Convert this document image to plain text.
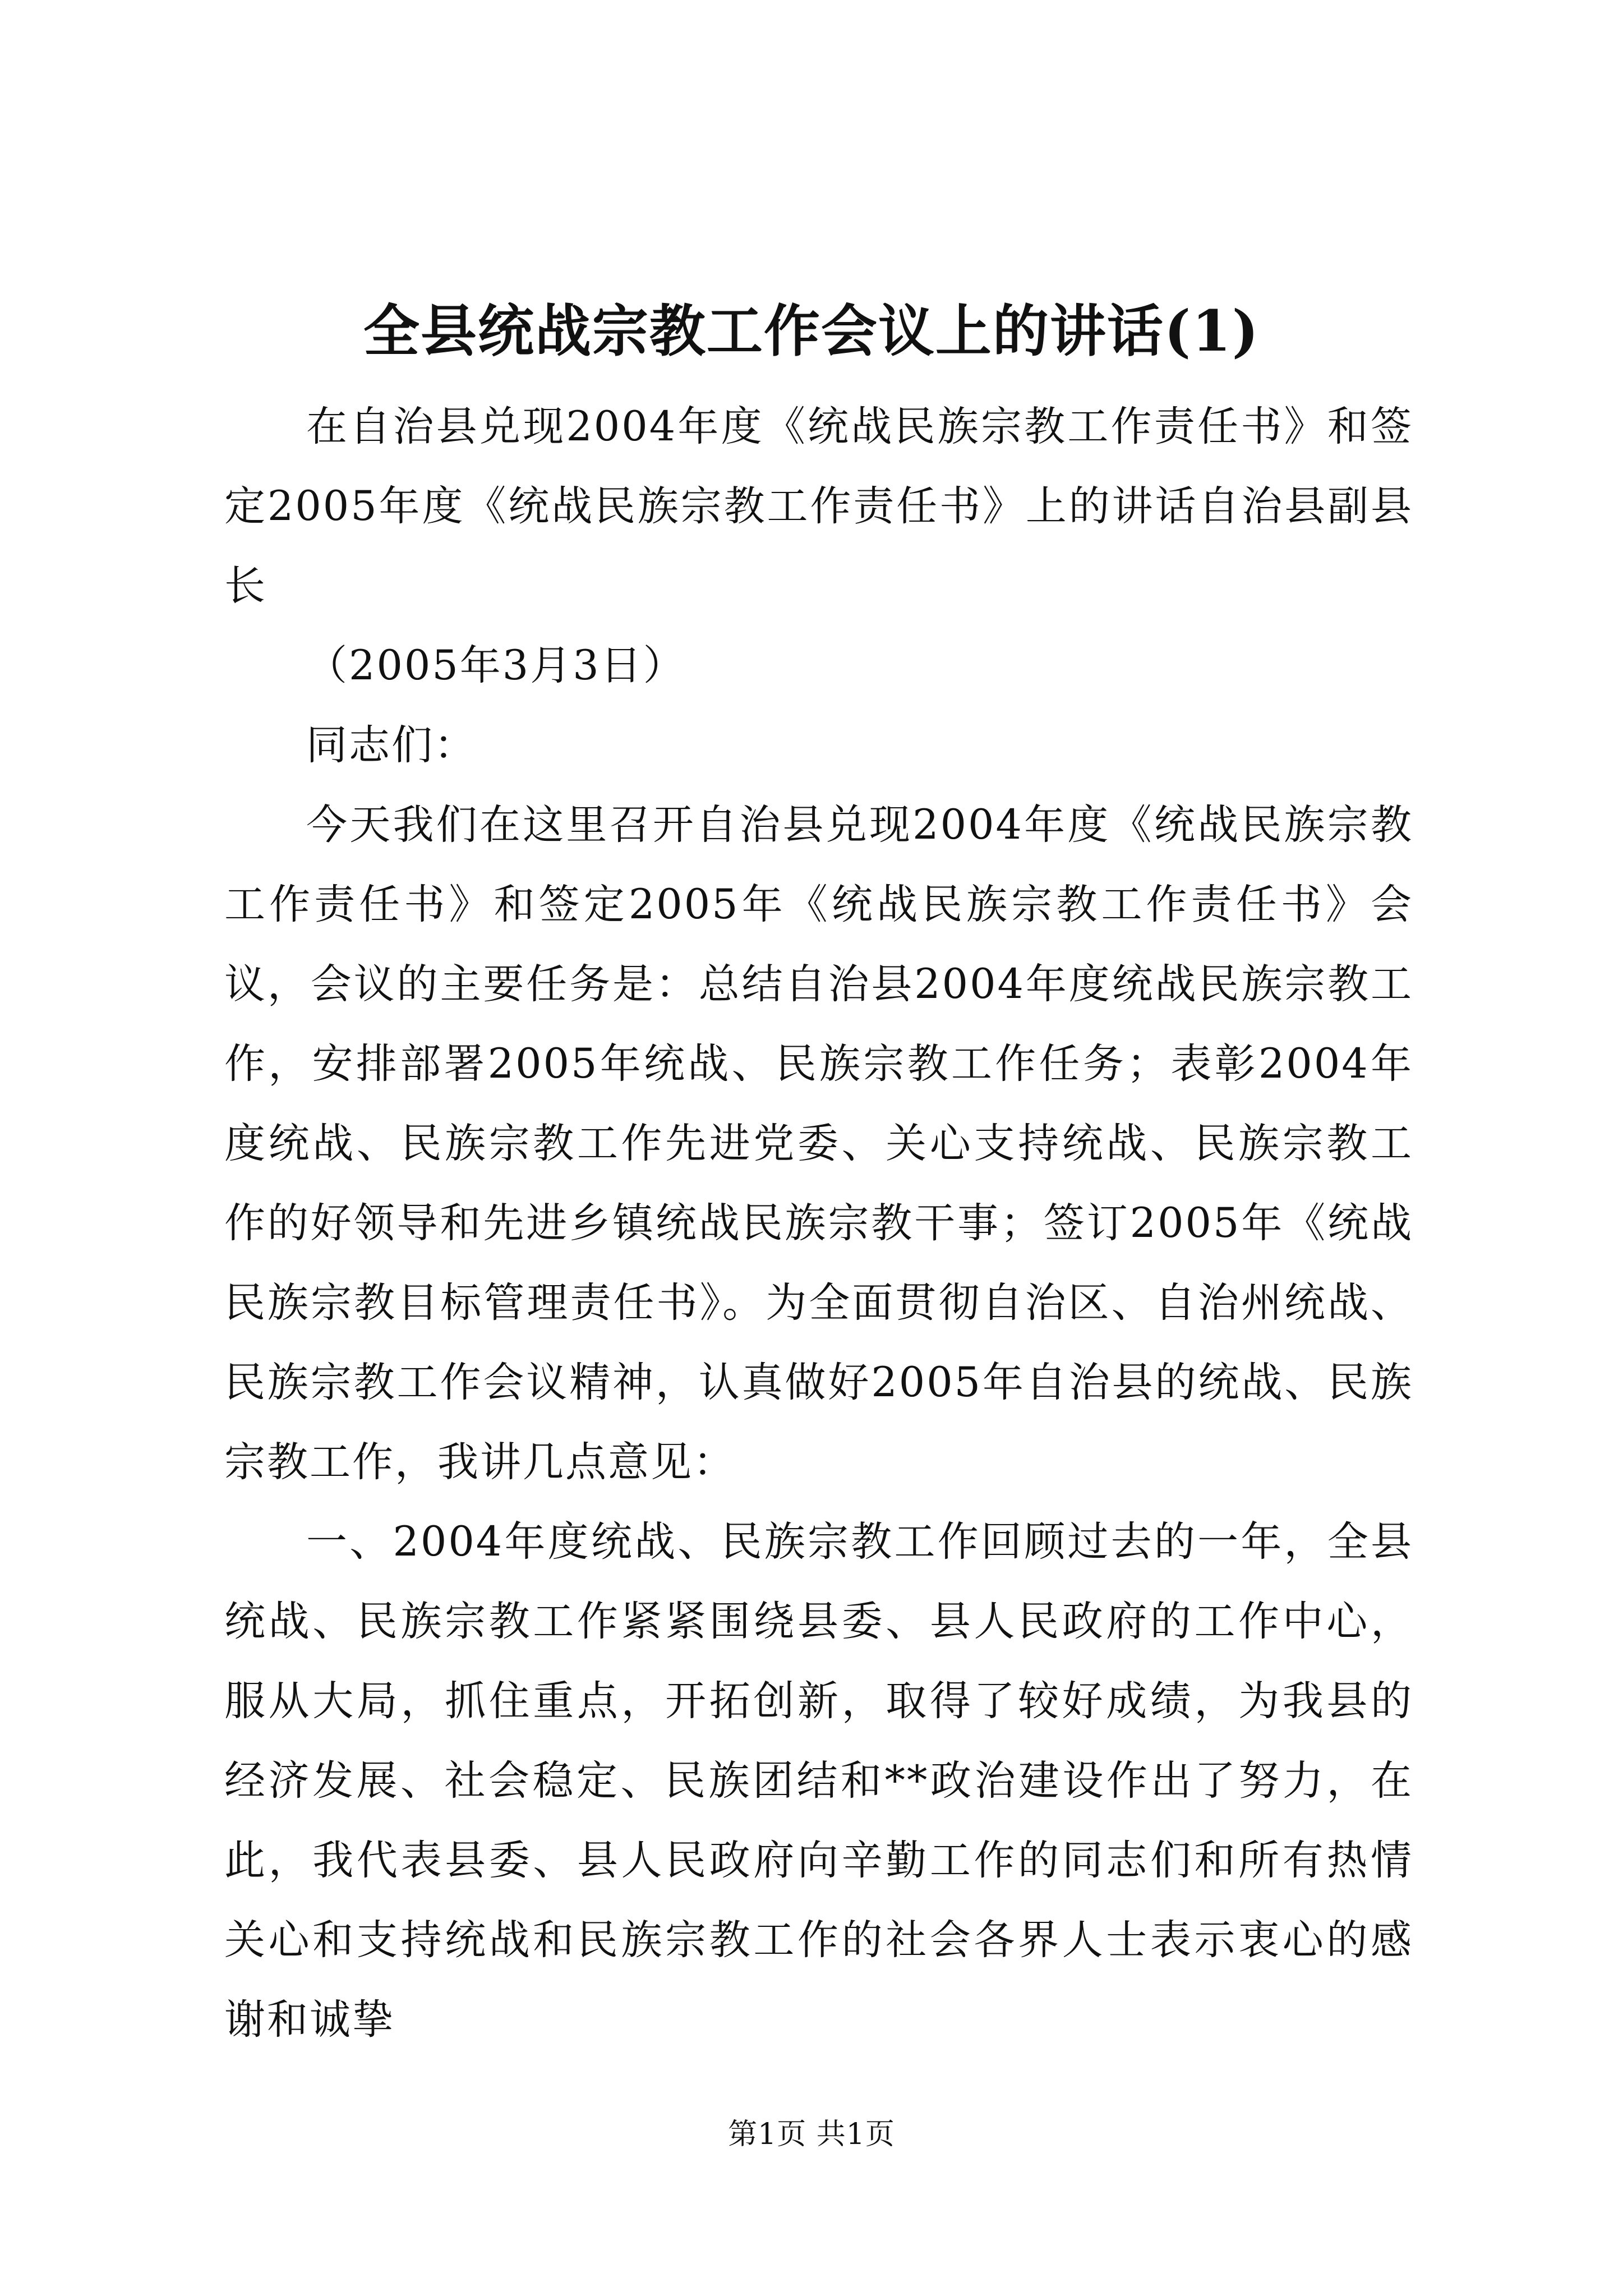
全县统战宗教工作会议上的讲话(1)

在自治县兑现2004年度《统战民族宗教工作责任书》和签定2005年度《统战民族宗教工作责任书》上的讲话自治县副县长

（2005年3月3日）

同志们：

今天我们在这里召开自治县兑现2004年度《统战民族宗教工作责任书》和签定2005年《统战民族宗教工作责任书》会议，会议的主要任务是：总结自治县2004年度统战民族宗教工作，安排部署2005年统战、民族宗教工作任务；表彰2004年度统战、民族宗教工作先进党委、关心支持统战、民族宗教工作的好领导和先进乡镇统战民族宗教干事；签订2005年《统战民族宗教目标管理责任书》。为全面贯彻自治区、自治州统战、民族宗教工作会议精神，认真做好2005年自治县的统战、民族宗教工作，我讲几点意见：

一、2004年度统战、民族宗教工作回顾过去的一年，全县统战、民族宗教工作紧紧围绕县委、县人民政府的工作中心，服从大局，抓住重点，开拓创新，取得了较好成绩，为我县的经济发展、社会稳定、民族团结和**政治建设作出了努力，在此，我代表县委、县人民政府向辛勤工作的同志们和所有热情关心和支持统战和民族宗教工作的社会各界人士表示衷心的感谢和诚挚

第1页 共1页
